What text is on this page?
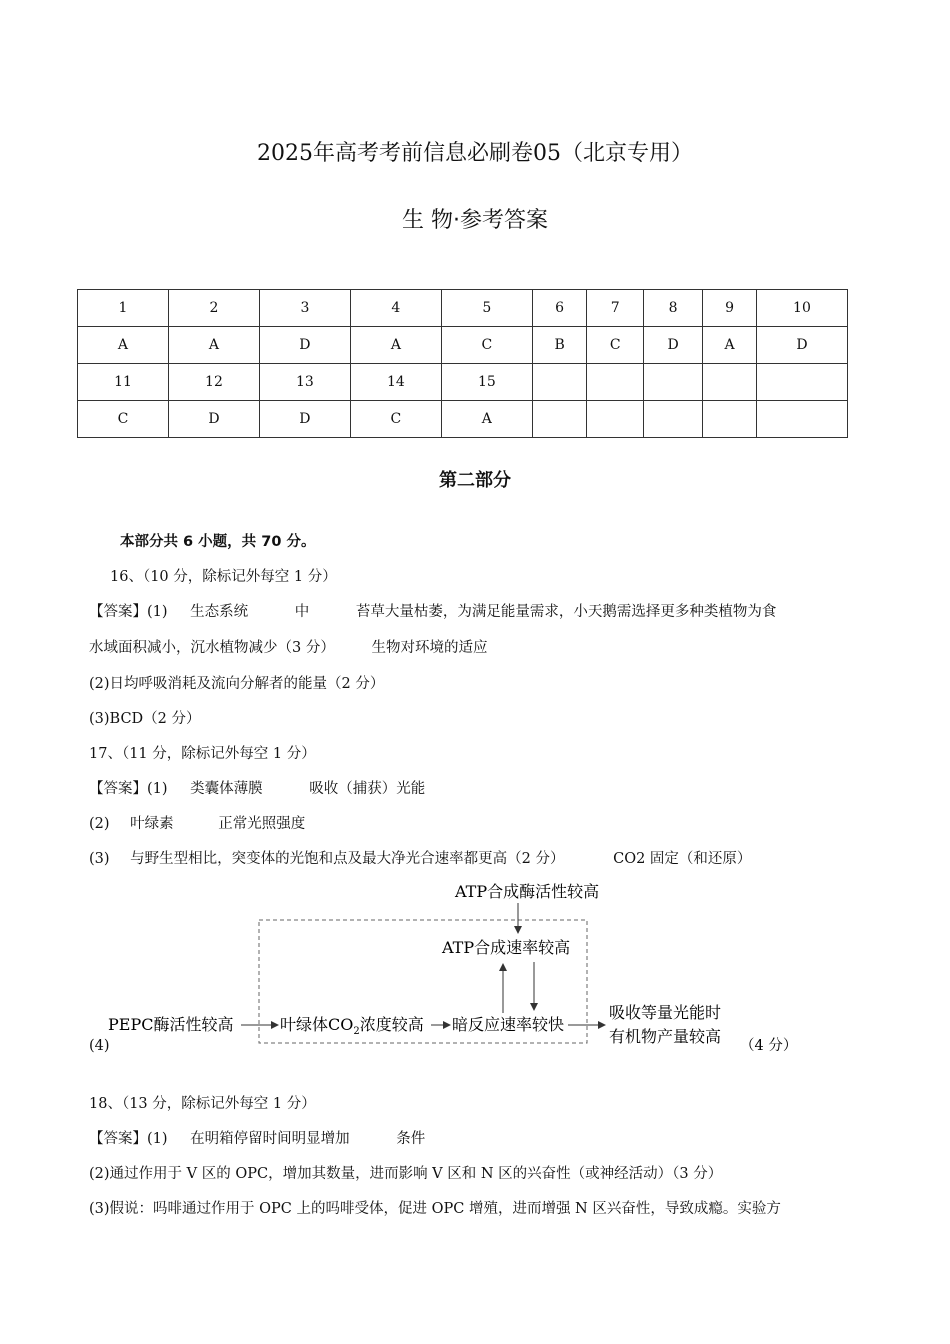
2025年高考考前信息必刷卷05（北京专用）
生 物·参考答案
1	2	3	4	5	6	7	8	9	10
A	A	D	A	C	B	C	D	A	D
11	12	13	14	15					
C	D	D	C	A					
第二部分
本部分共 6 小题，共 70 分。
16、（10 分，除标记外每空 1 分）
【答案】(1) 生态系统	中	苔草大量枯萎，为满足能量需求，小天鹅需选择更多种类植物为食
水域面积减小，沉水植物减少（3 分）	生物对环境的适应
(2)日均呼吸消耗及流向分解者的能量（2 分）
(3)BCD（2 分）
17、（11 分，除标记外每空 1 分）
【答案】(1) 类囊体薄膜	吸收（捕获）光能
(2) 叶绿素	正常光照强度
(3) 与野生型相比，突变体的光饱和点及最大净光合速率都更高（2 分）	CO2 固定（和还原）
(4)
ATP合成酶活性较高
ATP合成速率较高
PEPC酶活性较高	叶绿体$CO_2$浓度较高 暗反应速率较快
吸收等量光能时
有机物产量较高 （4 分）
18、（13 分，除标记外每空 1 分）
【答案】(1) 在明箱停留时间明显增加	条件
(2)通过作用于 V 区的 OPC，增加其数量，进而影响 V 区和 N 区的兴奋性（或神经活动）（3 分）
(3)假说：吗啡通过作用于 OPC 上的吗啡受体，促进 OPC 增殖，进而增强 N 区兴奋性，导致成瘾。实验方
